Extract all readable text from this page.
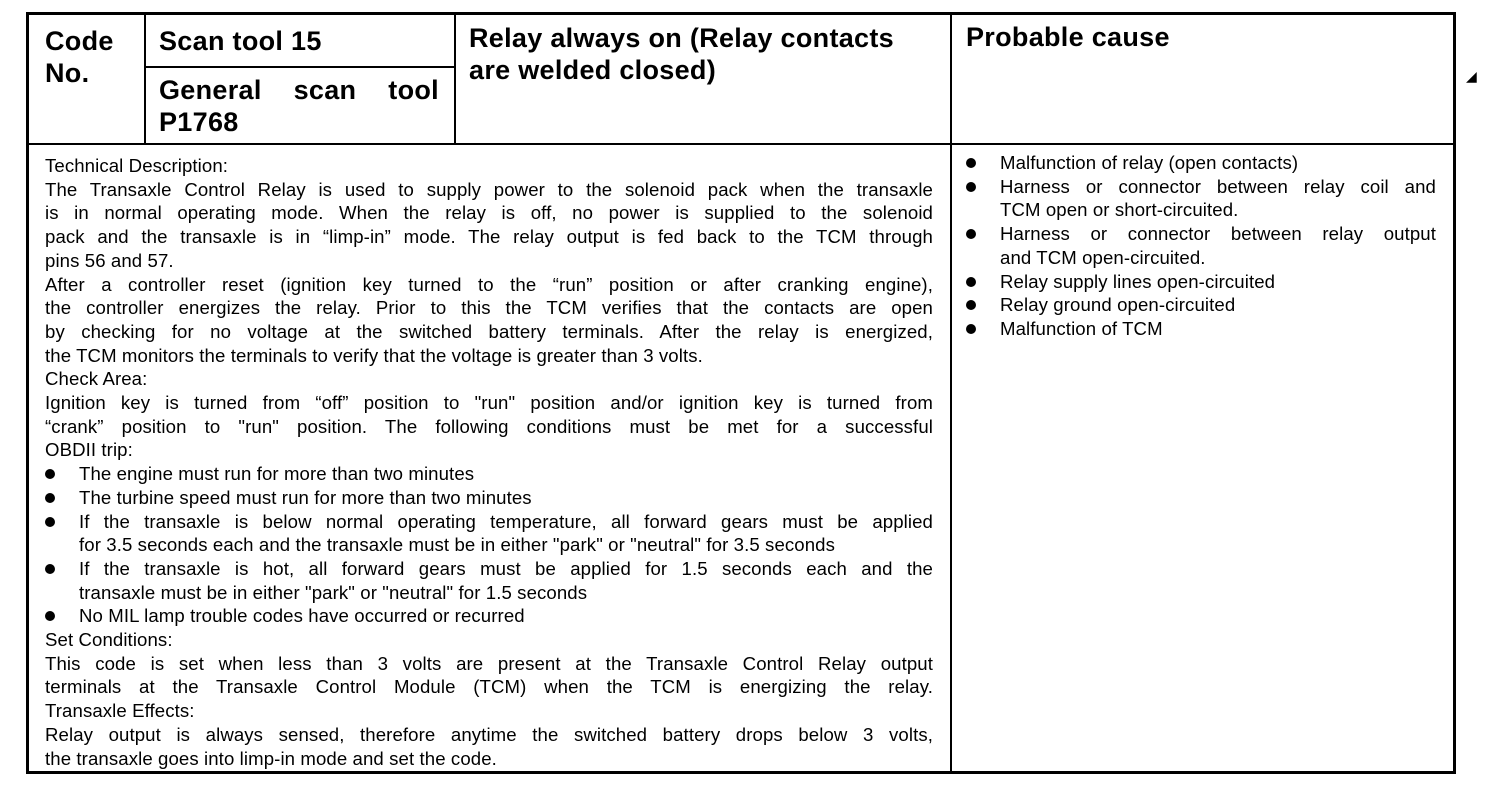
Code
No.
Scan tool 15
General scan tool
P1768
Relay always on (Relay contacts
are welded closed)
Probable cause
Technical Description:
The Transaxle Control Relay is used to supply power to the solenoid pack when the transaxle
is in normal operating mode. When the relay is off, no power is supplied to the solenoid
pack and the transaxle is in “limp-in” mode. The relay output is fed back to the TCM through
pins 56 and 57.
After a controller reset (ignition key turned to the “run” position or after cranking engine),
the controller energizes the relay. Prior to this the TCM verifies that the contacts are open
by checking for no voltage at the switched battery terminals. After the relay is energized,
the TCM monitors the terminals to verify that the voltage is greater than 3 volts.
Check Area:
Ignition key is turned from “off” position to "run" position and/or ignition key is turned from
“crank” position to "run" position. The following conditions must be met for a successful
OBDII trip:
The engine must run for more than two minutes
The turbine speed must run for more than two minutes
If the transaxle is below normal operating temperature, all forward gears must be applied
for 3.5 seconds each and the transaxle must be in either "park" or "neutral" for 3.5 seconds
If the transaxle is hot, all forward gears must be applied for 1.5 seconds each and the
transaxle must be in either "park" or "neutral" for 1.5 seconds
No MIL lamp trouble codes have occurred or recurred
Set Conditions:
This code is set when less than 3 volts are present at the Transaxle Control Relay output
terminals at the Transaxle Control Module (TCM) when the TCM is energizing the relay.
Transaxle Effects:
Relay output is always sensed, therefore anytime the switched battery drops below 3 volts,
the transaxle goes into limp-in mode and set the code.
Malfunction of relay (open contacts)
Harness or connector between relay coil and
TCM open or short-circuited.
Harness or connector between relay output
and TCM open-circuited.
Relay supply lines open-circuited
Relay ground open-circuited
Malfunction of TCM
◢
